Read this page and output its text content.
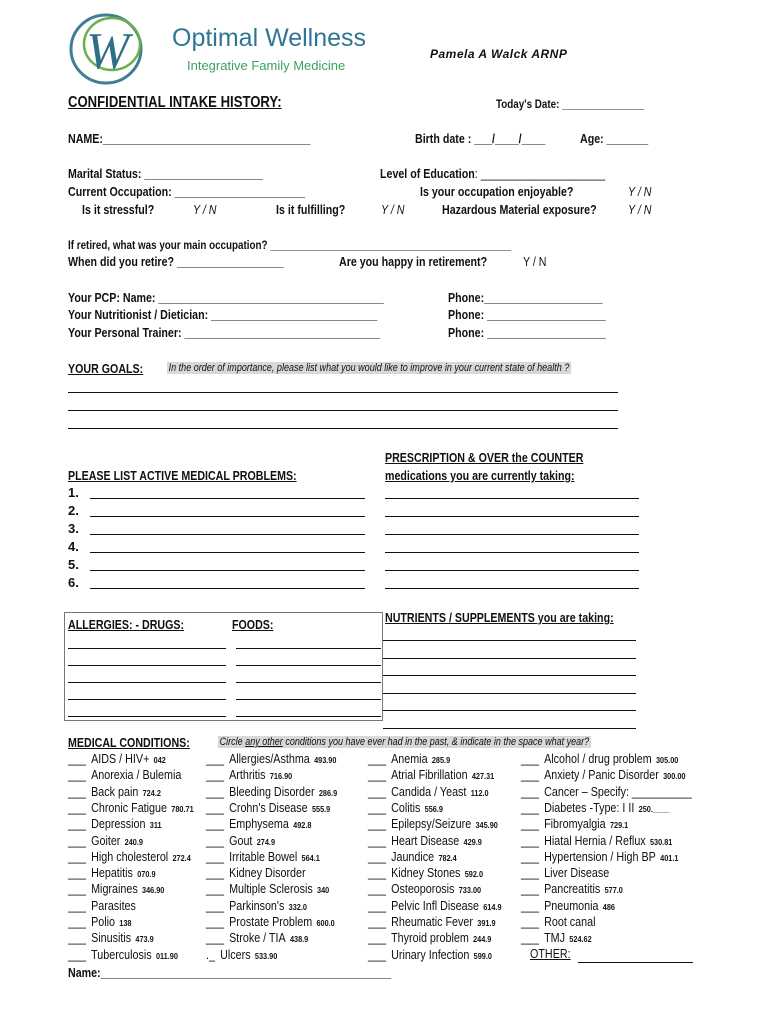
W Optimal Wellness
Integrative Family Medicine
Pamela A Walck ARNP
CONFIDENTIAL INTAKE HISTORY:	Today's Date: _______________
NAME:___________________________________	Birth date : ___/____/____	Age: _______
Marital Status: ____________________	Level of Education: _____________________
Current Occupation: ______________________	Is your occupation enjoyable?	Y / N
Is it stressful?	Y / N	Is it fulfilling?	Y / N	Hazardous Material exposure? Y / N
If retired, what was your main occupation? ____________________________________________
When did you retire? __________________	Are you happy in retirement?	Y / N
Your PCP: Name: ______________________________________	Phone:____________________
Your Nutritionist / Dietician: ____________________________	Phone: ____________________
Your Personal Trainer: _________________________________	Phone: ____________________
YOUR GOALS: In the order of importance, please list what you would like to improve in your current state of health ?
PRESCRIPTION & OVER the COUNTER
medications you are currently taking:
PLEASE LIST ACTIVE MEDICAL PROBLEMS:
1.
2.
3.
4.
5.
6.
ALLERGIES: - DRUGS:	FOODS:	NUTRIENTS / SUPPLEMENTS you are taking:
MEDICAL CONDITIONS:	Circle any other conditions you have ever had in the past, & indicate in the space what year?
___ AIDS / HIV+ 042
___ Anorexia / Bulemia
___ Back pain 724.2
___ Chronic Fatigue 780.71
___ Depression 311
___ Goiter 240.9
___ High cholesterol 272.4
___ Hepatitis 070.9
___ Migraines 346.90
___ Parasites
___ Polio 138
___ Sinusitis 473.9
___ Tuberculosis 011.90
___ Allergies/Asthma 493.90
___ Arthritis 716.90
___ Bleeding Disorder 286.9
___ Crohn's Disease 555.9
___ Emphysema 492.8
___ Gout 274.9
___ Irritable Bowel 564.1
___ Kidney Disorder
___ Multiple Sclerosis 340
___ Parkinson's 332.0
___ Prostate Problem 600.0
___ Stroke / TIA 438.9
._ Ulcers 533.90
___ Anemia 285.9
___ Atrial Fibrillation 427.31
___ Candida / Yeast 112.0
___ Colitis 556.9
___ Epilepsy/Seizure 345.90
___ Heart Disease 429.9
___ Jaundice 782.4
___ Kidney Stones 592.0
___ Osteoporosis 733.00
___ Pelvic Infl Disease 614.9
___ Rheumatic Fever 391.9
___ Thyroid problem 244.9
___ Urinary Infection 599.0
___ Alcohol / drug problem 305.00
___ Anxiety / Panic Disorder 300.00
___ Cancer – Specify: __________
___ Diabetes -Type: I II 250.____
___ Fibromyalgia 729.1
___ Hiatal Hernia / Reflux 530.81
___ Hypertension / High BP 401.1
___ Liver Disease
___ Pancreatitis 577.0
___ Pneumonia 486
___ Root canal
___ TMJ 524.62
OTHER:
Name:_________________________________________________
